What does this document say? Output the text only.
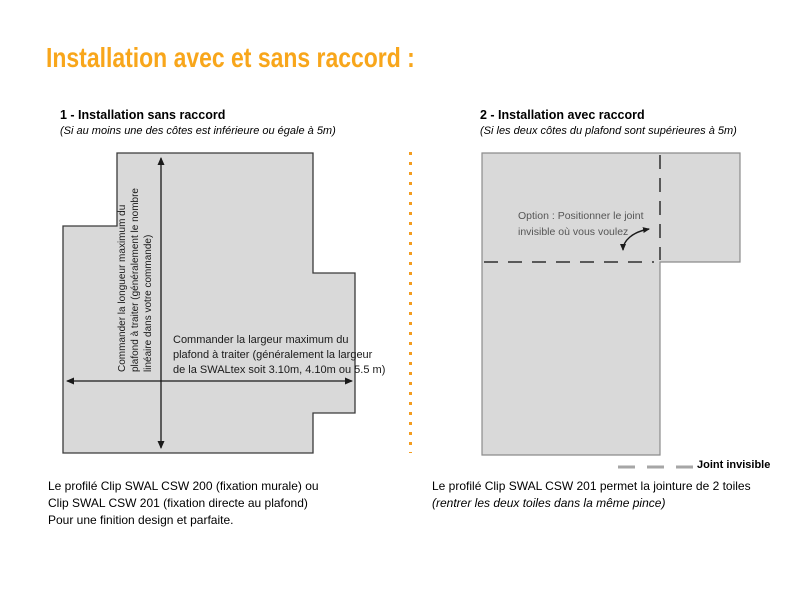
Installation avec et sans raccord :
1 - Installation sans raccord
(Si au moins une des côtes est inférieure ou égale à 5m)
2 - Installation avec raccord
(Si les deux côtes du plafond sont supérieures à 5m)
Commander la longueur maximum du plafond à traiter (généralement le nombre linéaire dans votre commande) Commander la largeur maximum du
plafond à traiter (généralement la largeur
de la SWALtex soit 3.10m, 4.10m ou 5.5 m)
Option : Positionner le joint
invisible où vous voulez
Joint invisible
Le profilé Clip SWAL CSW 200 (fixation murale) ou
Clip SWAL CSW 201 (fixation directe au plafond)
Pour une finition design et parfaite.
Le profilé Clip SWAL CSW 201 permet la jointure de 2 toiles
(rentrer les deux toiles dans la même pince)
